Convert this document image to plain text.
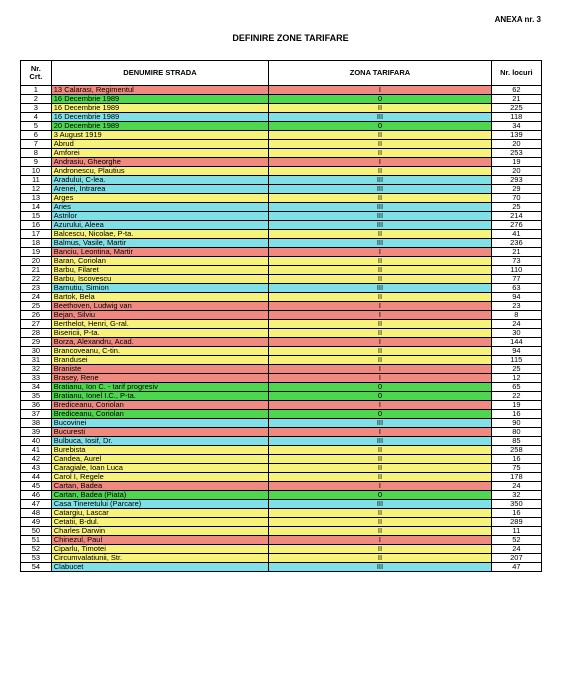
ANEXA nr. 3
DEFINIRE ZONE TARIFARE
Nr.
Crt.	DENUMIRE STRADA	ZONA TARIFARA	Nr. locuri
1	13 Calarasi, Regimentul	I	62
2	16 Decembrie 1989	0	21
3	16 Decembrie 1989	II	225
4	16 Decembrie 1989	III	118
5	20 Decembrie 1989	0	34
6	3 August 1919	II	139
7	Abrud	II	20
8	Amforei	II	253
9	Andrasiu, Gheorghe	I	19
10	Andronescu, Plautius	II	20
11	Aradului, C-lea.	III	293
12	Arenei, Intrarea	III	29
13	Arges	II	70
14	Aries	III	25
15	Astrilor	III	214
16	Azurului, Aleea	III	276
17	Balcescu, Nicolae, P-ta.	II	41
18	Balmus, Vasile, Martir	III	236
19	Banciu, Leontina, Martir	I	21
20	Baran, Coriolan	II	73
21	Barbu, Filaret	II	110
22	Barbu, Iscovescu	II	77
23	Barnutiu, Simion	III	63
24	Bartok, Bela	II	94
25	Beethoven, Ludwig van	I	23
26	Bejan, Silviu	I	8
27	Berthelot, Henri, G-ral.	II	24
28	Bisericii, P-ta.	II	30
29	Borza, Alexandru, Acad.	I	144
30	Brancoveanu, C-tin.	II	94
31	Brandusei	II	115
32	Braniste	I	25
33	Brasey, Rene	I	12
34	Bratianu, Ion C. - tarif progresiv	0	65
35	Bratianu, Ionel I.C., P-ta.	0	22
36	Brediceanu, Coriolan	I	19
37	Brediceanu, Coriolan	0	16
38	Bucovinei	III	90
39	Bucuresti	I	80
40	Bulbuca, Iosif, Dr.	III	85
41	Burebista	II	258
42	Candea, Aurel	II	16
43	Caragiale, Ioan Luca	II	75
44	Carol I, Regele	II	178
45	Cartan, Badea	I	24
46	Cartan, Badea (Piata)	0	32
47	Casa Tineretului (Parcare)	III	350
48	Catargiu, Lascar	II	16
49	Cetatii, B-dul.	II	289
50	Charles Darwin	II	11
51	Chinezul, Paul	I	52
52	Ciparlu, Timotei	II	24
53	Circumvalatiunii, Str.	II	207
54	Clabucet	III	47
